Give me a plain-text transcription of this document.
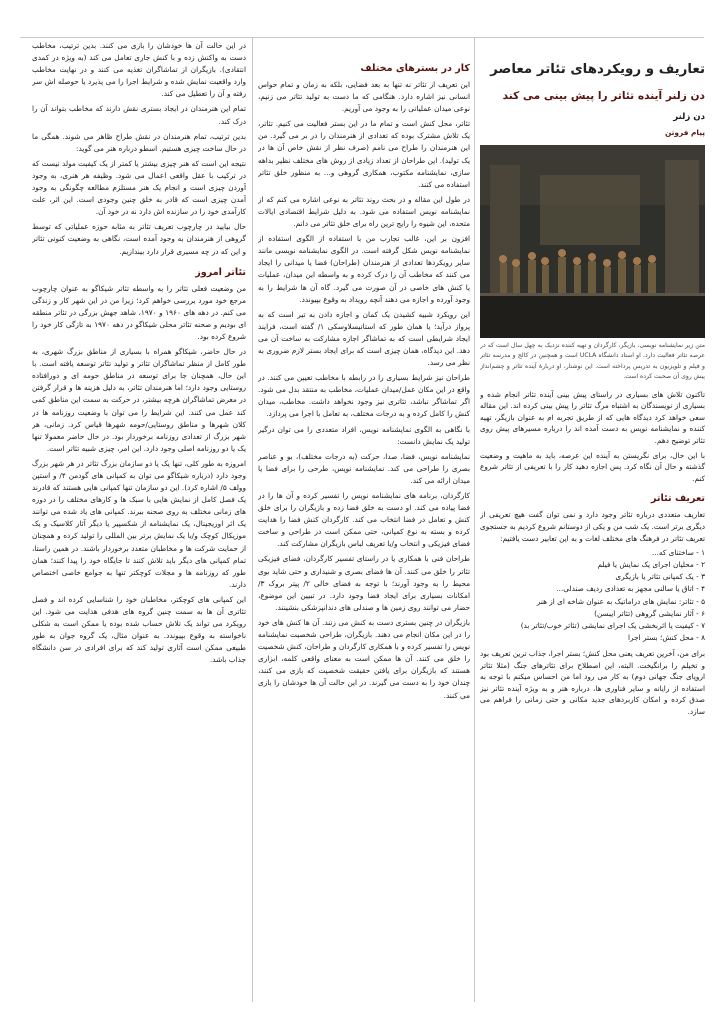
تعاریف و رویکردهای تئاتر معاصر
دن زلنر آینده تئاتر را پیش بینی می کند
دن زلنر
پیام فروتن
متن زیر نمایشنامه نویسی، بازیگر، کارگردان و تهیه کننده نزدیک به چهل سال است که در عرصه تئاتر فعالیت دارد. او استاد دانشگاه UCLA است و همچنین در کالج و مدرسه تئاتر و فیلم و تلویزیون به تدریس پرداخته است. این نوشتار، او دربارهٔ آینده تئاتر و چشم‌انداز پیش روی آن صحبت کرده است.

تاکنون تلاش های بسیاری در راستای پیش بینی آینده تئاتر انجام شده و بسیاری از نویسندگان به اشتباه مرگ تئاتر را پیش بینی کرده اند. این مقاله سعی خواهد کرد دیدگاه هایی که از طریق تجربه ام به عنوان بازیگر، تهیه کننده و نمایشنامه نویس به دست آمده اند را درباره مسیرهای پیش روی تئاتر توضیح دهم.

با این حال، برای نگریستن به آینده این عرصه، باید به ماهیت و وضعیت گذشته و حال آن نگاه کرد. پس اجازه دهید کار را با تعریفی از تئاتر شروع کنم.

تعریف تئاتر

تعاریف متعددی درباره تئاتر وجود دارد و نمی توان گفت هیچ تعریفی از دیگری برتر است. یک شب من و یکی از دوستانم شروع کردیم به جستجوی تعریف تئاتر در فرهنگ های مختلف لغات و به این تعابیر دست یافتیم:

۱ - ساختنای که...
۲ - محلیان اجرای یک نمایش یا فیلم
۳ - یک کمپانی تئاتر یا بازیگری
۴ - اتاق یا سالنی مجهز به تعدادی ردیف صندلی...
۵ - تئاتر: نمایش های دراماتیک به عنوان شاخه ای از هنر
۶ - آثار نمایشی گروهی (تئاتر ایبسن)
۷ - کیفیت یا اثربخشی یک اجرای نمایشی (تئاتر خوب/تئاتر بد)
۸ - محل کنش؛ بستر اجرا

برای من، آخرین تعریف یعنی محل کنش؛ بستر اجرا، جذاب ترین تعریف بود و تخیلم را برانگیخت. البته، این اصطلاح برای تئاترهای جنگ (مثلا تئاتر اروپای جنگ جهانی دوم) به کار می رود اما من احساس میکنم با توجه به استفاده از رایانه و سایر فناوری ها، درباره هنر و به ویژه آینده تئاتر نیز صدق کرده و امکان کاربردهای جدید مکانی و حتی زمانی را فراهم می سازد.

کار در بسترهای مختلف

این تعریف از تئاتر نه تنها به بعد فضایی، بلکه به زمان و تمام حواس انسانی نیز اشاره دارد. هنگامی که ما دست به تولید تئاتر می زنیم، نوعی میدان عملیاتی را به وجود می آوریم.

تئاتر، محل کنش است و تمام ما در این بستر فعالیت می کنیم. تئاتر، یک تلاش مشترک بوده که تعدادی از هنرمندان را در بر می گیرد. من این هنرمندان را طراح می نامم (صرف نظر از نقش خاص آن ها در یک تولید). این طراحان از تعداد زیادی از روش های مختلف نظیر بداهه سازی، نمایشنامه مکتوب، همکاری گروهی و... به منظور خلق تئاتر استفاده می کنند.

در طول این مقاله و در بحث روند تئاتر به نوعی اشاره می کنم که از نمایشنامه نویس استفاده می شود. به دلیل شرایط اقتصادی ایالات متحده، این شیوه را رایج ترین راه برای خلق تئاتر می دانم.

افزون بر این، غالب تجارب من با استفاده از الگوی استفاده از نمایشنامه نویس شکل گرفته است. در الگوی نمایشنامه نویسی مانند سایر رویکردها تعدادی از هنرمندان (طراحان) فضا یا میدانی را ایجاد می کنند که مخاطب آن را درک کرده و به واسطه این میدان، عملیات یا کنش های خاصی در آن صورت می گیرد. گاه آن ها شرایط را به وجود آورده و اجازه می دهند آنچه رویداد به وقوع بپیوندد.

این رویکرد شبیه کشیدن یک کمان و اجازه دادن به تیر است که به پرواز درآید؛ یا همان طور که استانیسلاوسکی ۱/ گفته است، فرایند ایجاد شرایطی است که به تماشاگر اجازه مشارکت به ساخت آن می دهد. این دیدگاه، همان چیزی است که برای ایجاد بستر لازم ضروری به نظر می رسد.

طراحان نیز شرایط بسیاری را در رابطه با مخاطب تعیین می کنند. در واقع در این مکان عمل/میدان عملیات، مخاطب به منتقد بدل می شود. اگر تماشاگر نباشد، تئاتری نیز وجود نخواهد داشت. مخاطب، میدان کنش را کامل کرده و به درجات مختلف، به تعامل با اجرا می پردازد.

با نگاهی به الگوی نمایشنامه نویس، افراد متعددی را می توان درگیر تولید یک نمایش دانست:

نمایشنامه نویس، فضا، صدا، حرکت (به درجات مختلف)، بو و عناصر بصری را طراحی می کند. نمایشنامه نویس، طرحی را برای فضا یا میدان ارائه می کند.

کارگردان، برنامه های نمایشنامه نویس را تفسیر کرده و آن ها را در فضا پیاده می کند. او دست به خلق فضا زده و بازیگران را برای خلق کنش و تعامل در فضا انتخاب می کند. کارگردان کنش فضا را هدایت کرده و بسته به نوع کمپانی، حتی ممکن است در طراحی و ساخت فضای فیزیکی و انتخاب و/یا تعریف لباس بازیگران مشارکت کند.

طراحان فنی با همکاری یا در راستای تفسیر کارگردان، فضای فیزیکی تئاتر را خلق می کنند. آن ها فضای بصری و شنیداری و حتی شاید بوی محیط را به وجود آورند؛ با توجه به فضای خالی ۲/ پیتر بروک ۳/ امکانات بسیاری برای ایجاد فضا وجود دارد. در تبیین این موضوع، حضار می توانند روی زمین ها و صندلی های دندانپزشکی بنشینند.

بازیگران در چنین بستری دست به کنش می زنند. آن ها کنش های خود را در این مکان انجام می دهند. بازیگران، طراحی شخصیت نمایشنامه نویس را تفسیر کرده و با همکاری کارگردان و طراحان، کنش شخصیت را خلق می کنند. آن ها ممکن است به معنای واقعی کلمه، ابزاری هستند که بازیگران برای یافتن حقیقت شخصیت که بازی می کنند، چندان خود را به دست می گیرند. در این حالت آن ها خودشان را بازی می کنند.

در این حالت آن ها خودشان را بازی می کنند. بدین ترتیب، مخاطب دست به واکنش زده و با کنش جاری تعامل می کند (به ویژه در کمدی انتقادی). بازیگران از تماشاگران تغذیه می کنند و در نهایت مخاطب وارد واقعیت نمایش شده و شرایط اجرا را می پذیرد یا حوصله اش سر رفته و آن را تعطیل می کند.

تمام این هنرمندان در ایجاد بستری نقش دارند که مخاطب بتواند آن را درک کند.

بدین ترتیب، تمام هنرمندان در نقش طراح ظاهر می شوند. همگی ما در حال ساخت چیزی هستیم. اسطو درباره هنر می گوید:

نتیجه این است که هنر چیزی بیشتر یا کمتر از یک کیفیت مولد نیست که در ترکیب با عقل واقعی اعمال می شود. وظیفه هر هنری، به وجود آوردن چیزی است و انجام یک هنر مستلزم مطالعه چگونگی به وجود آمدن چیزی است که قادر به خلق چنین وجودی است. این اثر، علت کارآمدی خود را در سازنده اش دارد نه در خود آن.

حال بیایید در چارچوب تعریف تئاتر به مثابه حوزه عملیاتی که توسط گروهی از هنرمندان به وجود آمده است، نگاهی به وضعیت کنونی تئاتر و این که در چه مسیری قرار دارد بیندازیم.

تئاتر امروز

من وضعیت فعلی تئاتر را به واسطه تئاتر شیکاگو به عنوان چارچوب مرجع خود مورد بررسی خواهم کرد؛ زیرا من در این شهر کار و زندگی می کنم. در دهه های ۱۹۶۰ و ۱۹۷۰، شاهد جهش بزرگی در تئاتر منطقه ای بودیم و صحنه تئاتر محلی شیکاگو در دهه ۱۹۷۰ به تازگی کار خود را شروع کرده بود.

در حال حاضر، شیکاگو همراه با بسیاری از مناطق بزرگ شهری، به طور کامل از منظر تماشاگران تئاتر و تولید تئاتر توسعه یافته است. با این حال، همچنان جا برای توسعه در مناطق حومه ای و دورافتاده روستایی وجود دارد؛ اما هنرمندان تئاتر، به دلیل هزینه ها و قرار گرفتن در معرض تماشاگران هرچه بیشتر، در حرکت به سمت این مناطق کمی کند عمل می کنند. این شرایط را می توان با وضعیت روزنامه ها در کلان شهرها و مناطق روستایی/حومه شهرها قیاس کرد. زمانی، هر شهر بزرگ از تعدادی روزنامه برخوردار بود. در حال حاضر معمولا تنها یک یا دو روزنامه اصلی وجود دارد. این امر، چیزی شبیه تئاتر است.

امروزه به طور کلی، تنها یک یا دو سازمان بزرگ تئاتر در هر شهر بزرگ وجود دارد (درباره شیکاگو می توان به کمپانی های گودمن ۴/ و استپن وولف ۵/ اشاره کرد). این دو سازمان تنها کمپانی هایی هستند که قادرند یک فصل کامل از نمایش هایی با سبک ها و کارهای مختلف را در دوره های زمانی مختلف به روی صحنه ببرند. کمپانی های یاد شده می توانند یک اثر اوریجینال، یک نمایشنامه از شکسپیر یا دیگر آثار کلاسیک و یک موزیکال کوچک و/یا یک نمایش برتر بین المللی را تولید کرده و همچنان از حمایت شرکت ها و مخاطبان متعدد برخوردار باشند. در همین راستا، تمام کمپانی های دیگر باید تلاش کنند تا جایگاه خود را پیدا کنند؛ همان طور که روزنامه ها و مجلات کوچکتر تنها به جوامع خاصی اختصاص دارند.

این کمپانی های کوچکتر، مخاطبان خود را شناسایی کرده اند و فصل تئاتری آن ها به سمت چنین گروه های هدفی هدایت می شود. این رویکرد می تواند یک تلاش حساب شده بوده یا ممکن است به شکلی ناخواسته به وقوع بپیوندد. به عنوان مثال، یک گروه جوان به طور طبیعی ممکن است آثاری تولید کند که برای افرادی در سن دانشگاه جذاب باشد.
